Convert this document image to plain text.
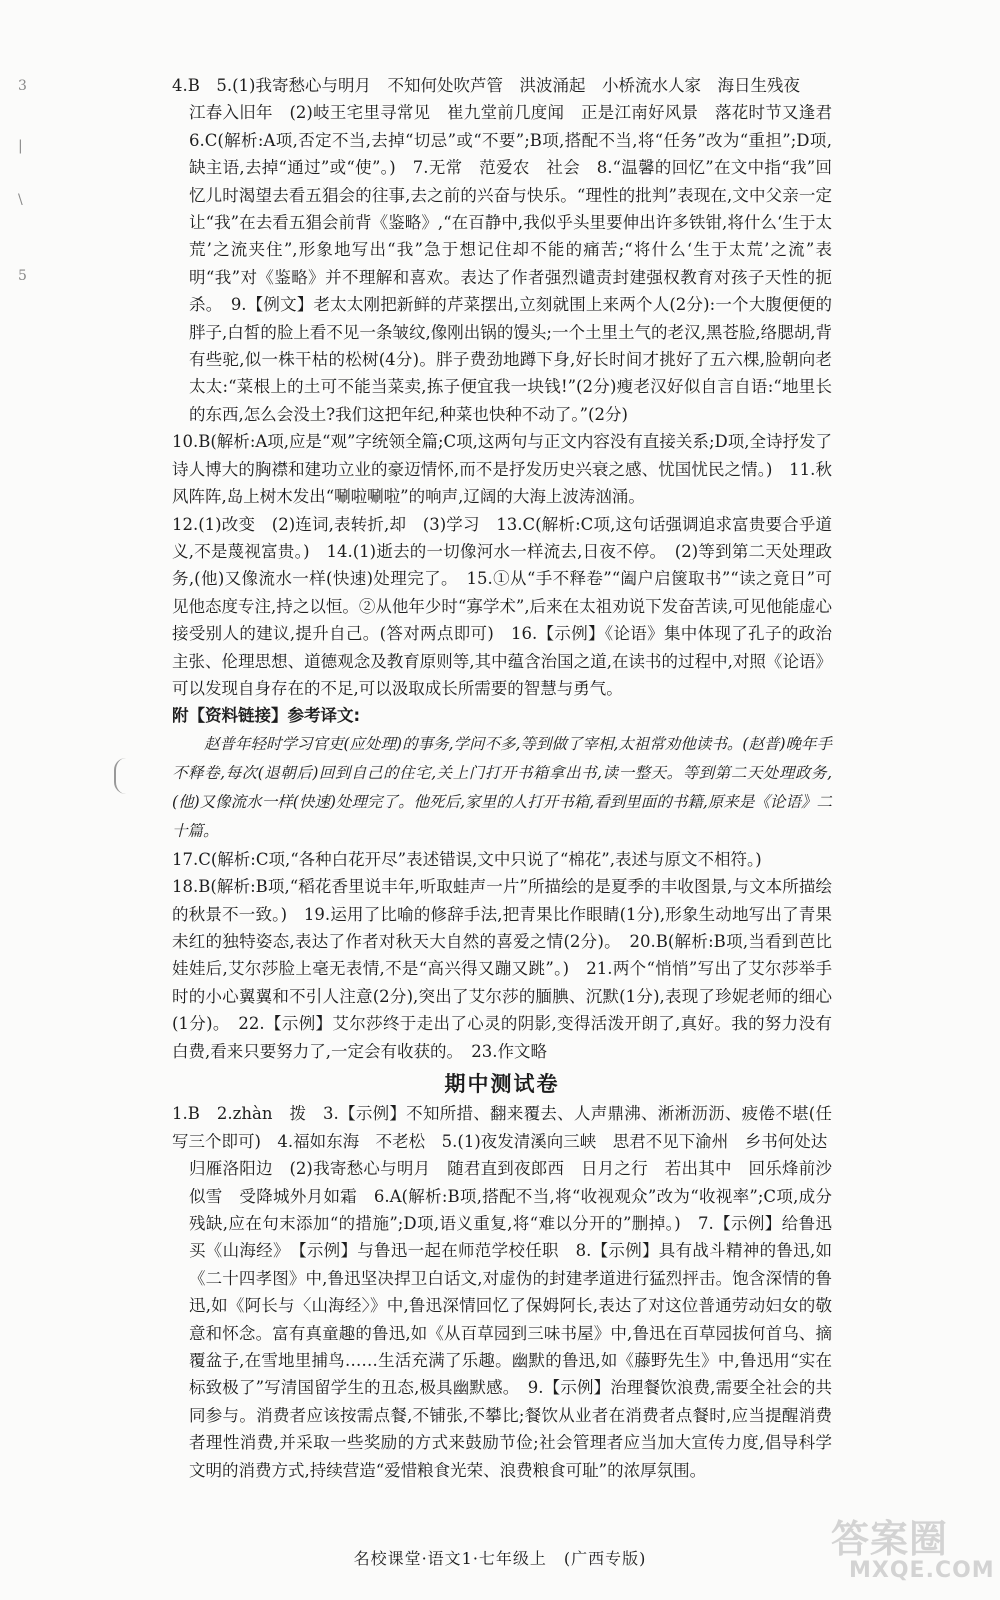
3
|
\
5

4.B　5.(1)我寄愁心与明月　不知何处吹芦管　洪波涌起　小桥流水人家　海日生残夜

江春入旧年　(2)岐王宅里寻常见　崔九堂前几度闻　正是江南好风景　落花时节又逢君　6.C(解析:A项,否定不当,去掉“切忌”或“不要”;B项,搭配不当,将“任务”改为“重担”;D项,缺主语,去掉“通过”或“使”。)　7.无常　范爱农　社会　8.“温馨的回忆”在文中指“我”回忆儿时渴望去看五猖会的往事,去之前的兴奋与快乐。“理性的批判”表现在,文中父亲一定让“我”在去看五猖会前背《鉴略》,“在百静中,我似乎头里要伸出许多铁钳,将什么‘生于太荒’之流夹住”,形象地写出“我”急于想记住却不能的痛苦;“将什么‘生于太荒’之流”表明“我”对《鉴略》并不理解和喜欢。表达了作者强烈谴责封建强权教育对孩子天性的扼杀。　9.【例文】老太太刚把新鲜的芹菜摆出,立刻就围上来两个人(2分):一个大腹便便的胖子,白皙的脸上看不见一条皱纹,像刚出锅的馒头;一个土里土气的老汉,黑苍脸,络腮胡,背有些驼,似一株干枯的松树(4分)。胖子费劲地蹲下身,好长时间才挑好了五六棵,脸朝向老太太:“菜根上的土可不能当菜卖,拣子便宜我一块钱!”(2分)瘦老汉好似自言自语:“地里长的东西,怎么会没土?我们这把年纪,种菜也快种不动了。”(2分)

10.B(解析:A项,应是“观”字统领全篇;C项,这两句与正文内容没有直接关系;D项,全诗抒发了诗人博大的胸襟和建功立业的豪迈情怀,而不是抒发历史兴衰之感、忧国忧民之情。)　11.秋风阵阵,岛上树木发出“唰啦唰啦”的响声,辽阔的大海上波涛汹涌。

12.(1)改变　(2)连词,表转折,却　(3)学习　13.C(解析:C项,这句话强调追求富贵要合乎道义,不是蔑视富贵。)　14.(1)逝去的一切像河水一样流去,日夜不停。　(2)等到第二天处理政务,(他)又像流水一样(快速)处理完了。　15.①从“手不释卷”“阖户启箧取书”“读之竟日”可见他态度专注,持之以恒。②从他年少时“寡学术”,后来在太祖劝说下发奋苦读,可见他能虚心接受别人的建议,提升自己。(答对两点即可)　16.【示例】《论语》集中体现了孔子的政治主张、伦理思想、道德观念及教育原则等,其中蕴含治国之道,在读书的过程中,对照《论语》可以发现自身存在的不足,可以汲取成长所需要的智慧与勇气。

附【资料链接】参考译文:

赵普年轻时学习官吏(应处理)的事务,学问不多,等到做了宰相,太祖常劝他读书。(赵普)晚年手不释卷,每次(退朝后)回到自己的住宅,关上门打开书箱拿出书,读一整天。等到第二天处理政务,(他)又像流水一样(快速)处理完了。他死后,家里的人打开书箱,看到里面的书籍,原来是《论语》二十篇。

17.C(解析:C项,“各种白花开尽”表述错误,文中只说了“棉花”,表述与原文不相符。)

18.B(解析:B项,“稻花香里说丰年,听取蛙声一片”所描绘的是夏季的丰收图景,与文本所描绘的秋景不一致。)　19.运用了比喻的修辞手法,把青果比作眼睛(1分),形象生动地写出了青果未红的独特姿态,表达了作者对秋天大自然的喜爱之情(2分)。　20.B(解析:B项,当看到芭比娃娃后,艾尔莎脸上毫无表情,不是“高兴得又蹦又跳”。)　21.两个“悄悄”写出了艾尔莎举手时的小心翼翼和不引人注意(2分),突出了艾尔莎的腼腆、沉默(1分),表现了珍妮老师的细心(1分)。　22.【示例】艾尔莎终于走出了心灵的阴影,变得活泼开朗了,真好。我的努力没有白费,看来只要努力了,一定会有收获的。　23.作文略

期中测试卷

1.B　2.zhàn　拨　3.【示例】不知所措、翻来覆去、人声鼎沸、淅淅沥沥、疲倦不堪(任写三个即可)　4.福如东海　不老松　5.(1)夜发清溪向三峡　思君不见下渝州　乡书何处达

归雁洛阳边　(2)我寄愁心与明月　随君直到夜郎西　日月之行　若出其中　回乐烽前沙似雪　受降城外月如霜　6.A(解析:B项,搭配不当,将“收视观众”改为“收视率”;C项,成分残缺,应在句末添加“的措施”;D项,语义重复,将“难以分开的”删掉。)　7.【示例】给鲁迅买《山海经》　【示例】与鲁迅一起在师范学校任职　8.【示例】具有战斗精神的鲁迅,如《二十四孝图》中,鲁迅坚决捍卫白话文,对虚伪的封建孝道进行猛烈抨击。饱含深情的鲁迅,如《阿长与〈山海经〉》中,鲁迅深情回忆了保姆阿长,表达了对这位普通劳动妇女的敬意和怀念。富有真童趣的鲁迅,如《从百草园到三味书屋》中,鲁迅在百草园拔何首乌、摘覆盆子,在雪地里捕鸟……生活充满了乐趣。幽默的鲁迅,如《藤野先生》中,鲁迅用“实在标致极了”写清国留学生的丑态,极具幽默感。　9.【示例】治理餐饮浪费,需要全社会的共同参与。消费者应该按需点餐,不铺张,不攀比;餐饮从业者在消费者点餐时,应当提醒消费者理性消费,并采取一些奖励的方式来鼓励节俭;社会管理者应当加大宣传力度,倡导科学文明的消费方式,持续营造“爱惜粮食光荣、浪费粮食可耻”的浓厚氛围。

名校课堂·语文1·七年级上　(广西专版)	答案圈
MXQE.COM
